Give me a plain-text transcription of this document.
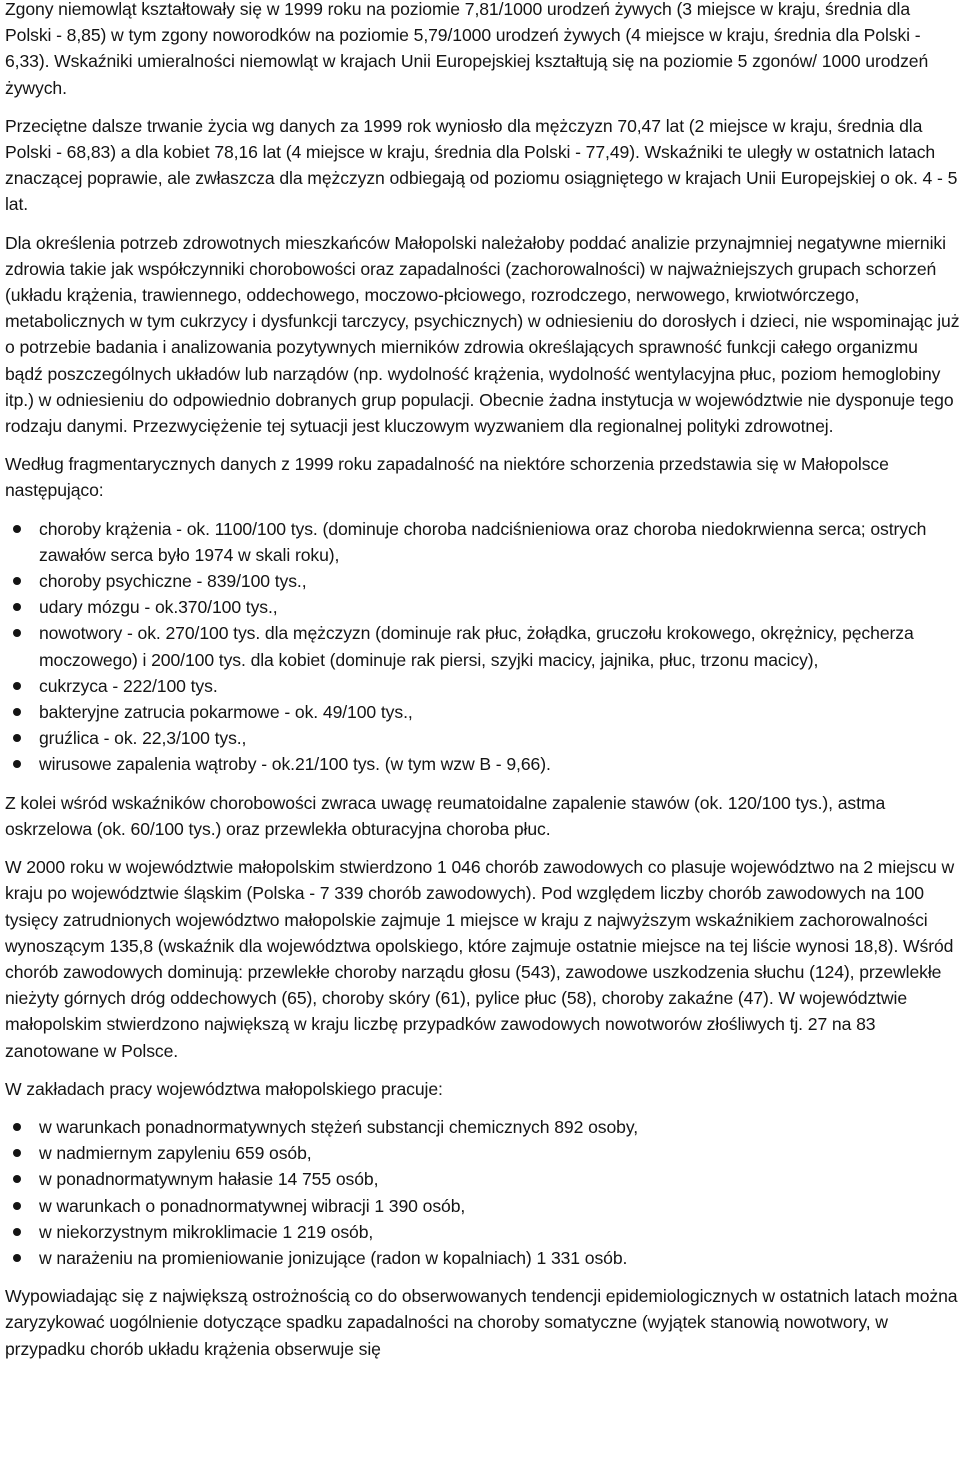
Zgony niemowląt kształtowały się w 1999 roku na poziomie 7,81/1000 urodzeń żywych (3 miejsce w kraju, średnia dla Polski - 8,85) w tym zgony noworodków na poziomie 5,79/1000 urodzeń żywych (4 miejsce w kraju, średnia dla Polski - 6,33). Wskaźniki umieralności niemowląt w krajach Unii Europejskiej kształtują się na poziomie 5 zgonów/ 1000 urodzeń żywych.

Przeciętne dalsze trwanie życia wg danych za 1999 rok wyniosło dla mężczyzn 70,47 lat (2 miejsce w kraju, średnia dla Polski - 68,83) a dla kobiet 78,16 lat (4 miejsce w kraju, średnia dla Polski - 77,49). Wskaźniki te uległy w ostatnich latach znaczącej poprawie, ale zwłaszcza dla mężczyzn odbiegają od poziomu osiągniętego w krajach Unii Europejskiej o ok. 4 - 5 lat.

Dla określenia potrzeb zdrowotnych mieszkańców Małopolski należałoby poddać analizie przynajmniej negatywne mierniki zdrowia takie jak współczynniki chorobowości oraz zapadalności (zachorowalności) w najważniejszych grupach schorzeń (układu krążenia, trawiennego, oddechowego, moczowo-płciowego, rozrodczego, nerwowego, krwiotwórczego, metabolicznych w tym cukrzycy i dysfunkcji tarczycy, psychicznych) w odniesieniu do dorosłych i dzieci, nie wspominając już o potrzebie badania i analizowania pozytywnych mierników zdrowia określających sprawność funkcji całego organizmu bądź poszczególnych układów lub narządów (np. wydolność krążenia, wydolność wentylacyjna płuc, poziom hemoglobiny itp.) w odniesieniu do odpowiednio dobranych grup populacji. Obecnie żadna instytucja w województwie nie dysponuje tego rodzaju danymi. Przezwyciężenie tej sytuacji jest kluczowym wyzwaniem dla regionalnej polityki zdrowotnej.

Według fragmentarycznych danych z 1999 roku zapadalność na niektóre schorzenia przedstawia się w Małopolsce następująco:

choroby krążenia - ok. 1100/100 tys. (dominuje choroba nadciśnieniowa oraz choroba niedokrwienna serca; ostrych zawałów serca było 1974 w skali roku),
choroby psychiczne - 839/100 tys.,
udary mózgu - ok.370/100 tys.,
nowotwory - ok. 270/100 tys. dla mężczyzn (dominuje rak płuc, żołądka, gruczołu krokowego, okrężnicy, pęcherza moczowego) i 200/100 tys. dla kobiet (dominuje rak piersi, szyjki macicy, jajnika, płuc, trzonu macicy),
cukrzyca - 222/100 tys.
bakteryjne zatrucia pokarmowe - ok. 49/100 tys.,
gruźlica - ok. 22,3/100 tys.,
wirusowe zapalenia wątroby - ok.21/100 tys. (w tym wzw B - 9,66).

Z kolei wśród wskaźników chorobowości zwraca uwagę reumatoidalne zapalenie stawów (ok. 120/100 tys.), astma oskrzelowa (ok. 60/100 tys.) oraz przewlekła obturacyjna choroba płuc.

W 2000 roku w województwie małopolskim stwierdzono 1 046 chorób zawodowych co plasuje województwo na 2 miejscu w kraju po województwie śląskim (Polska - 7 339 chorób zawodowych). Pod względem liczby chorób zawodowych na 100 tysięcy zatrudnionych województwo małopolskie zajmuje 1 miejsce w kraju z najwyższym wskaźnikiem zachorowalności wynoszącym 135,8 (wskaźnik dla województwa opolskiego, które zajmuje ostatnie miejsce na tej liście wynosi 18,8). Wśród chorób zawodowych dominują: przewlekłe choroby narządu głosu (543), zawodowe uszkodzenia słuchu (124), przewlekłe nieżyty górnych dróg oddechowych (65), choroby skóry (61), pylice płuc (58), choroby zakaźne (47). W województwie małopolskim stwierdzono największą w kraju liczbę przypadków zawodowych nowotworów złośliwych tj. 27 na 83 zanotowane w Polsce.

W zakładach pracy województwa małopolskiego pracuje:

w warunkach ponadnormatywnych stężeń substancji chemicznych 892 osoby,
w nadmiernym zapyleniu 659 osób,
w ponadnormatywnym hałasie 14 755 osób,
w warunkach o ponadnormatywnej wibracji 1 390 osób,
w niekorzystnym mikroklimacie 1 219 osób,
w narażeniu na promieniowanie jonizujące (radon w kopalniach) 1 331 osób.

Wypowiadając się z największą ostrożnością co do obserwowanych tendencji epidemiologicznych w ostatnich latach można zaryzykować uogólnienie dotyczące spadku zapadalności na choroby somatyczne (wyjątek stanowią nowotwory, w przypadku chorób układu krążenia obserwuje się
